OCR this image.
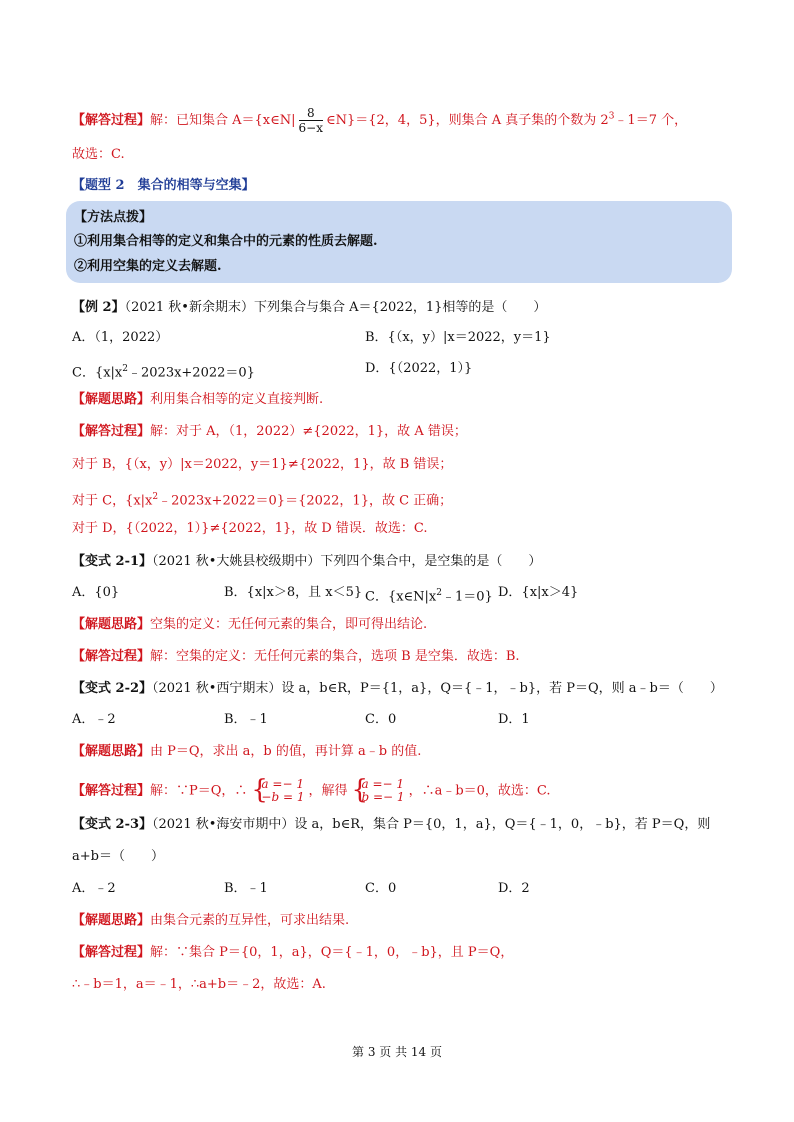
【解答过程】解：已知集合 A＝{x∈N| $\frac{8}{6-x}$ ∈N}＝{2，4，5}，则集合 A 真子集的个数为 $2^3﹣1=7$ 个，
故选：C.
【题型 2　集合的相等与空集】
【方法点拨】
①利用集合相等的定义和集合中的元素的性质去解题.
②利用空集的定义去解题.
【例 2】（2021 秋•新余期末）下列集合与集合 A＝{2022，1}相等的是（　　）
A．（1，2022）	B．{（x，y）|x＝2022，y＝1}
C．$\{x|x^2﹣2023x+2022=0\}$	D．{（2022，1）}
【解题思路】利用集合相等的定义直接判断.
【解答过程】解：对于 A，（1，2022）≠{2022，1}，故 A 错误；
对于 B，{（x，y）|x＝2022，y＝1}≠{2022，1}，故 B 错误；
对于 C，$\{x|x^2﹣2023x+2022=0\}=\{2022$，1}，故 C 正确；
对于 D，{（2022，1）}≠{2022，1}，故 D 错误．故选：C.
【变式 2-1】（2021 秋•大姚县校级期中）下列四个集合中，是空集的是（　　）
A．{0}	B．{x|x＞8，且 x＜5} C．$\{x\in N|x^2﹣1=0\}$ D．{x|x＞4}
【解题思路】空集的定义：无任何元素的集合，即可得出结论.
【解答过程】解：空集的定义：无任何元素的集合，选项 B 是空集．故选：B.
【变式 2-2】（2021 秋•西宁期末）设 a，b∈R，P＝{1，a}，Q＝{﹣1，﹣b}，若 P＝Q，则 a﹣b＝（　　）
A．﹣2	B．﹣1	C．0	D．1
【解题思路】由 P＝Q，求出 a，b 的值，再计算 a﹣b 的值.
【解答过程】解：∵P＝Q，∴ {
a =− 1
−b = 1 ，解得 {
a =− 1
b =− 1 ，∴a﹣b＝0，故选：C.
【变式 2-3】（2021 秋•海安市期中）设 a，b∈R，集合 P＝{0，1，a}，Q＝{﹣1，0，﹣b}，若 P＝Q，则
a+b＝（　　）
A．﹣2	B．﹣1	C．0	D．2
【解题思路】由集合元素的互异性，可求出结果.
【解答过程】解：∵集合 P＝{0，1，a}，Q＝{﹣1，0，﹣b}，且 P＝Q，
∴﹣b＝1，a＝﹣1，∴a+b＝﹣2，故选：A.
第 3 页 共 14 页
